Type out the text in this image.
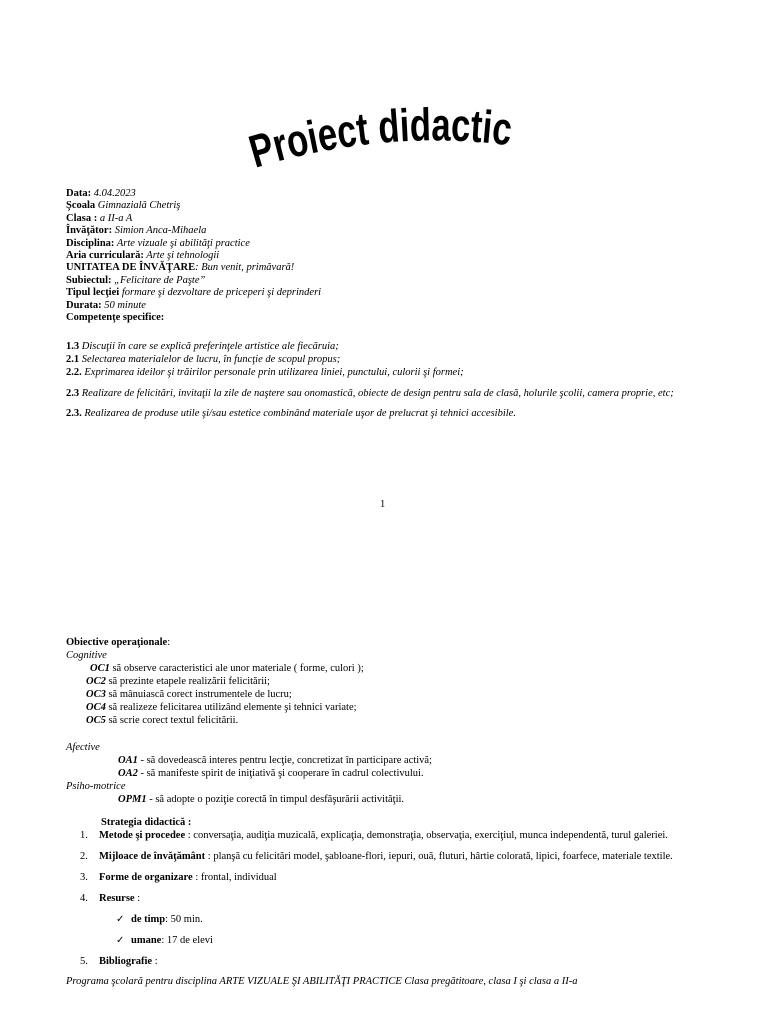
Proiect didactic
Data: 4.04.2023
Şcoala Gimnazială Chetriş
Clasa : a II-a A
Învăţător: Simion Anca-Mihaela
Disciplina: Arte vizuale şi abilităţi practice
Aria curriculară: Arte şi tehnologii
UNITATEA DE ÎNVĂŢARE: Bun venit, primăvară!
Subiectul: „Felicitare de Paşte”
Tipul lecţiei formare şi dezvoltare de priceperi şi deprinderi
Durata: 50 minute
Competenţe specifice:
1.3 Discuţii în care se explică preferinţele artistice ale fiecăruia;
2.1 Selectarea materialelor de lucru, în funcţie de scopul propus;
2.2. Exprimarea ideilor şi trăirilor personale prin utilizarea liniei, punctului, culorii şi formei;
2.3 Realizare de felicitări, invitaţii la zile de naştere sau onomastică, obiecte de design pentru sala de clasă, holurile şcolii, camera proprie, etc;
2.3. Realizarea de produse utile şi/sau estetice combinând materiale uşor de prelucrat şi tehnici accesibile.
1
Obiective operaţionale:
Cognitive
OC1 să observe caracteristici ale unor materiale ( forme, culori );
OC2 să prezinte etapele realizării felicitării;
OC3 să mânuiască corect instrumentele de lucru;
OC4 să realizeze felicitarea utilizând elemente şi tehnici variate;
OC5 să scrie corect textul felicitării.
Afective
OA1 - să dovedească interes pentru lecţie, concretizat în participare activă;
OA2 - să manifeste spirit de iniţiativă şi cooperare în cadrul colectivului.
Psiho-motrice
OPM1 - să adopte o poziţie corectă în timpul desfăşurării activităţii.
Strategia didactică :
1.	Metode şi procedee : conversaţia, audiţia muzicală, explicaţia, demonstraţia, observaţia, exerciţiul, munca independentă, turul galeriei.
2.	Mijloace de învăţământ : planşă cu felicitări model, şabloane-flori, iepuri, ouă, fluturi, hârtie colorată, lipici, foarfece, materiale textile.
3.	Forme de organizare : frontal, individual
4.	Resurse :
✓ de timp : 50 min.
✓ umane : 17 de elevi
5.	Bibliografie :
Programa şcolară pentru disciplina ARTE VIZUALE ŞI ABILITĂŢI PRACTICE Clasa pregătitoare, clasa I şi clasa a II-a
